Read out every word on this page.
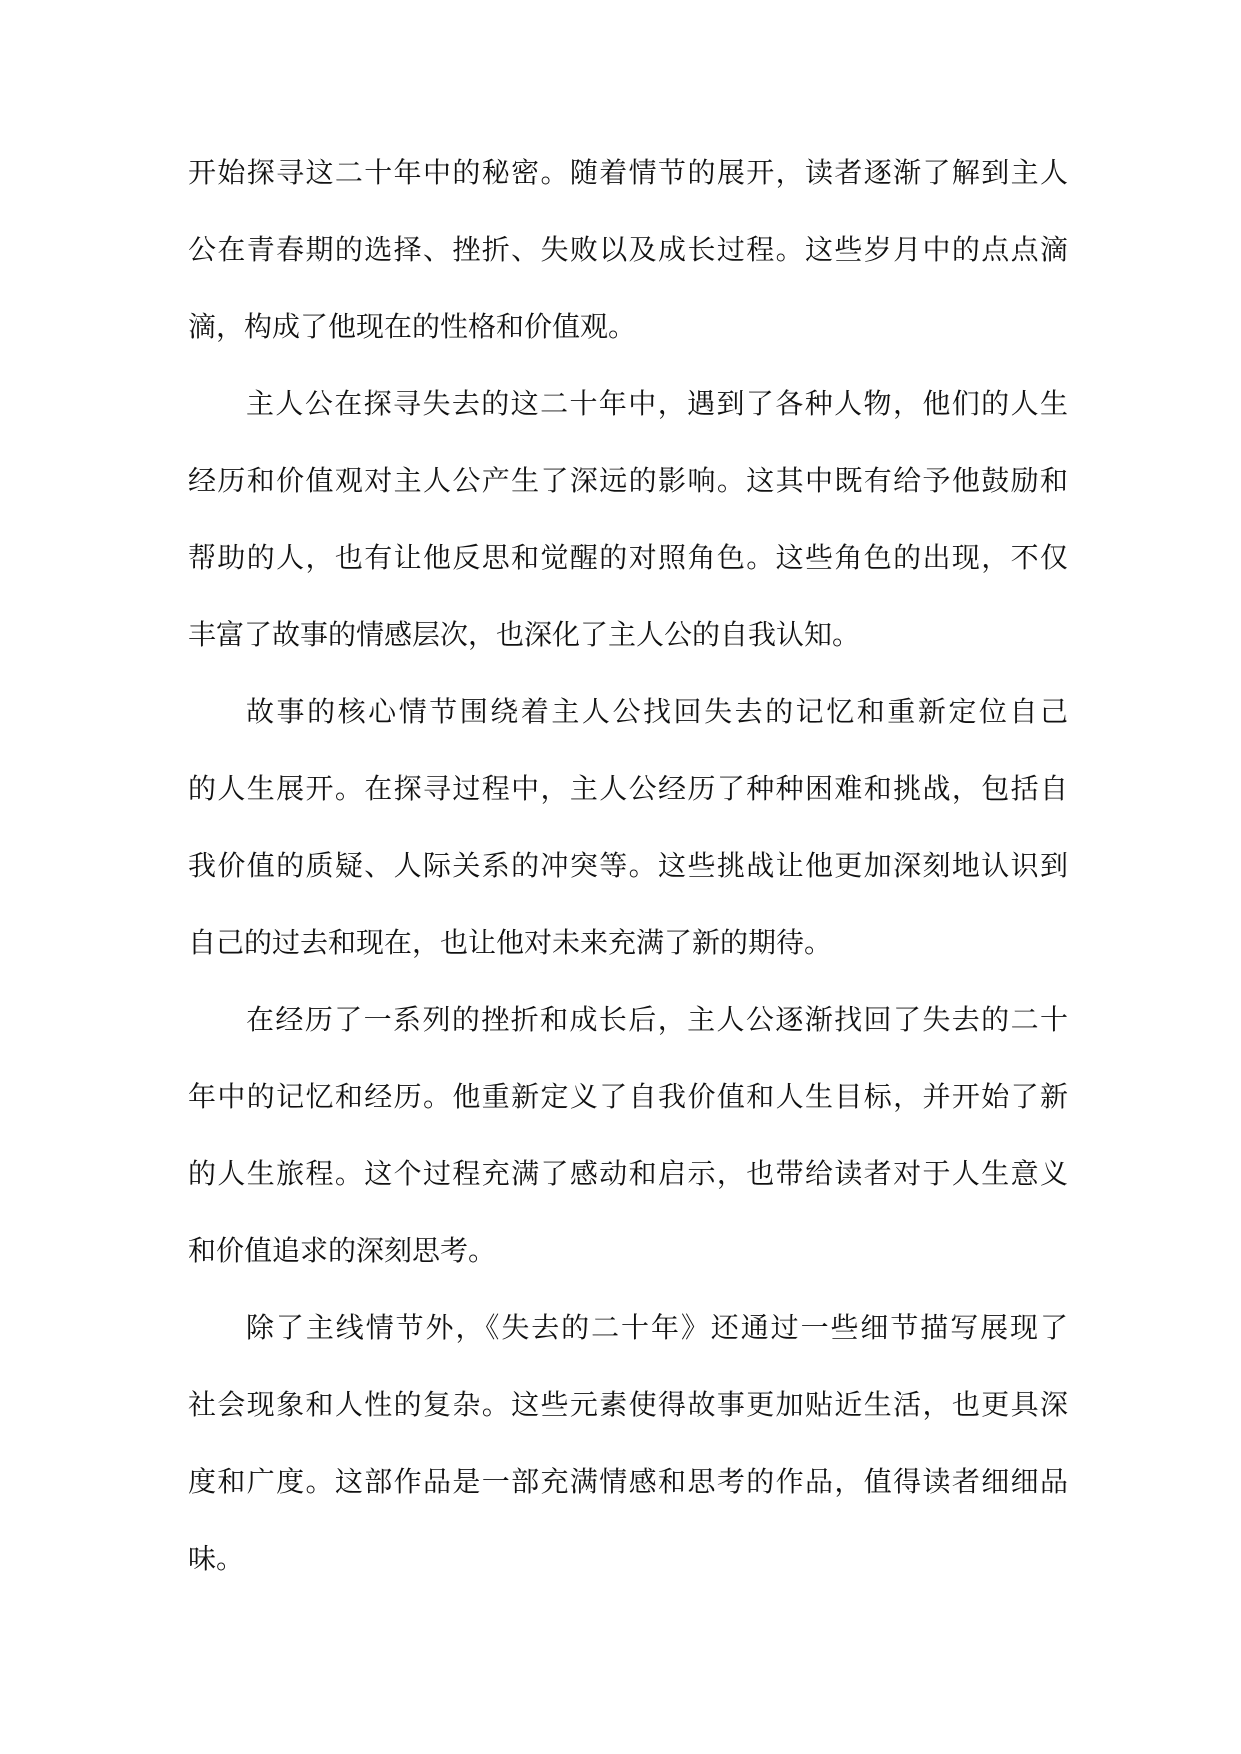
开始探寻这二十年中的秘密。随着情节的展开，读者逐渐了解到主人
公在青春期的选择、挫折、失败以及成长过程。这些岁月中的点点滴
滴，构成了他现在的性格和价值观。
主人公在探寻失去的这二十年中，遇到了各种人物，他们的人生
经历和价值观对主人公产生了深远的影响。这其中既有给予他鼓励和
帮助的人，也有让他反思和觉醒的对照角色。这些角色的出现，不仅
丰富了故事的情感层次，也深化了主人公的自我认知。
故事的核心情节围绕着主人公找回失去的记忆和重新定位自己
的人生展开。在探寻过程中，主人公经历了种种困难和挑战，包括自
我价值的质疑、人际关系的冲突等。这些挑战让他更加深刻地认识到
自己的过去和现在，也让他对未来充满了新的期待。
在经历了一系列的挫折和成长后，主人公逐渐找回了失去的二十
年中的记忆和经历。他重新定义了自我价值和人生目标，并开始了新
的人生旅程。这个过程充满了感动和启示，也带给读者对于人生意义
和价值追求的深刻思考。
除了主线情节外，《失去的二十年》还通过一些细节描写展现了
社会现象和人性的复杂。这些元素使得故事更加贴近生活，也更具深
度和广度。这部作品是一部充满情感和思考的作品，值得读者细细品
味。
